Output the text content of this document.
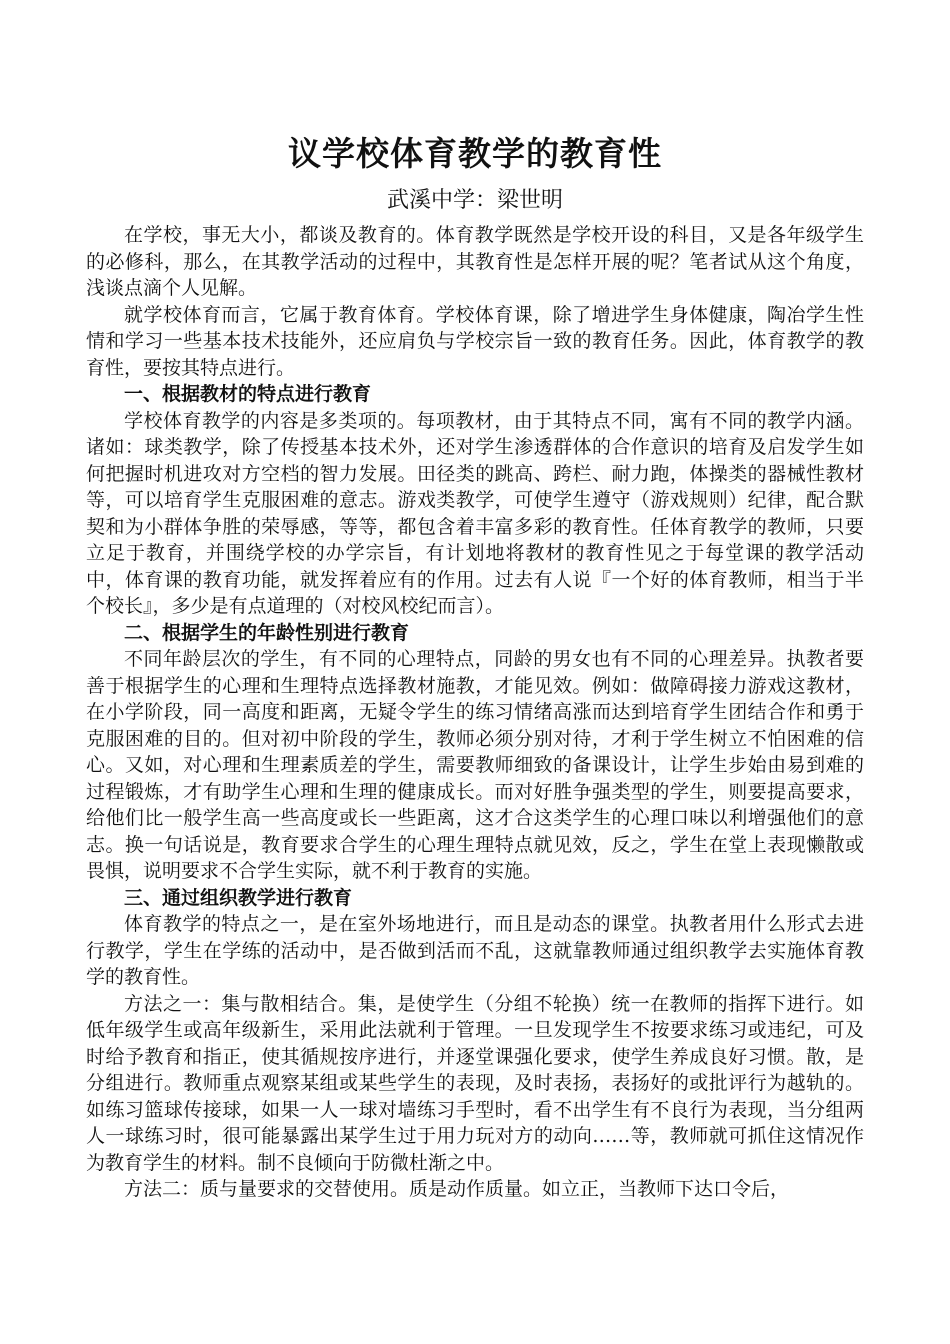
议学校体育教学的教育性
武溪中学：梁世明

在学校，事无大小，都谈及教育的。体育教学既然是学校开设的科目，又是各年级学生的必修科，那么，在其教学活动的过程中，其教育性是怎样开展的呢？笔者试从这个角度，浅谈点滴个人见解。

就学校体育而言，它属于教育体育。学校体育课，除了增进学生身体健康，陶冶学生性情和学习一些基本技术技能外，还应肩负与学校宗旨一致的教育任务。因此，体育教学的教育性，要按其特点进行。

一、根据教材的特点进行教育

学校体育教学的内容是多类项的。每项教材，由于其特点不同，寓有不同的教学内涵。诸如：球类教学，除了传授基本技术外，还对学生渗透群体的合作意识的培育及启发学生如何把握时机进攻对方空档的智力发展。田径类的跳高、跨栏、耐力跑，体操类的器械性教材等，可以培育学生克服困难的意志。游戏类教学，可使学生遵守（游戏规则）纪律，配合默契和为小群体争胜的荣辱感，等等，都包含着丰富多彩的教育性。任体育教学的教师，只要立足于教育，并围绕学校的办学宗旨，有计划地将教材的教育性见之于每堂课的教学活动中，体育课的教育功能，就发挥着应有的作用。过去有人说『一个好的体育教师，相当于半个校长』，多少是有点道理的（对校风校纪而言）。

二、根据学生的年龄性别进行教育

不同年龄层次的学生，有不同的心理特点，同龄的男女也有不同的心理差异。执教者要善于根据学生的心理和生理特点选择教材施教，才能见效。例如：做障碍接力游戏这教材，在小学阶段，同一高度和距离，无疑令学生的练习情绪高涨而达到培育学生团结合作和勇于克服困难的目的。但对初中阶段的学生，教师必须分别对待，才利于学生树立不怕困难的信心。又如，对心理和生理素质差的学生，需要教师细致的备课设计，让学生步始由易到难的过程锻炼，才有助学生心理和生理的健康成长。而对好胜争强类型的学生，则要提高要求，给他们比一般学生高一些高度或长一些距离，这才合这类学生的心理口味以利增强他们的意志。换一句话说是，教育要求合学生的心理生理特点就见效，反之，学生在堂上表现懒散或畏惧，说明要求不合学生实际，就不利于教育的实施。

三、通过组织教学进行教育

体育教学的特点之一，是在室外场地进行，而且是动态的课堂。执教者用什么形式去进行教学，学生在学练的活动中，是否做到活而不乱，这就靠教师通过组织教学去实施体育教学的教育性。

方法之一：集与散相结合。集，是使学生（分组不轮换）统一在教师的指挥下进行。如低年级学生或高年级新生，采用此法就利于管理。一旦发现学生不按要求练习或违纪，可及时给予教育和指正，使其循规按序进行，并逐堂课强化要求，使学生养成良好习惯。散，是分组进行。教师重点观察某组或某些学生的表现，及时表扬，表扬好的或批评行为越轨的。如练习篮球传接球，如果一人一球对墙练习手型时，看不出学生有不良行为表现，当分组两人一球练习时，很可能暴露出某学生过于用力玩对方的动向……等，教师就可抓住这情况作为教育学生的材料。制不良倾向于防微杜渐之中。

方法二：质与量要求的交替使用。质是动作质量。如立正，当教师下达口令后，
